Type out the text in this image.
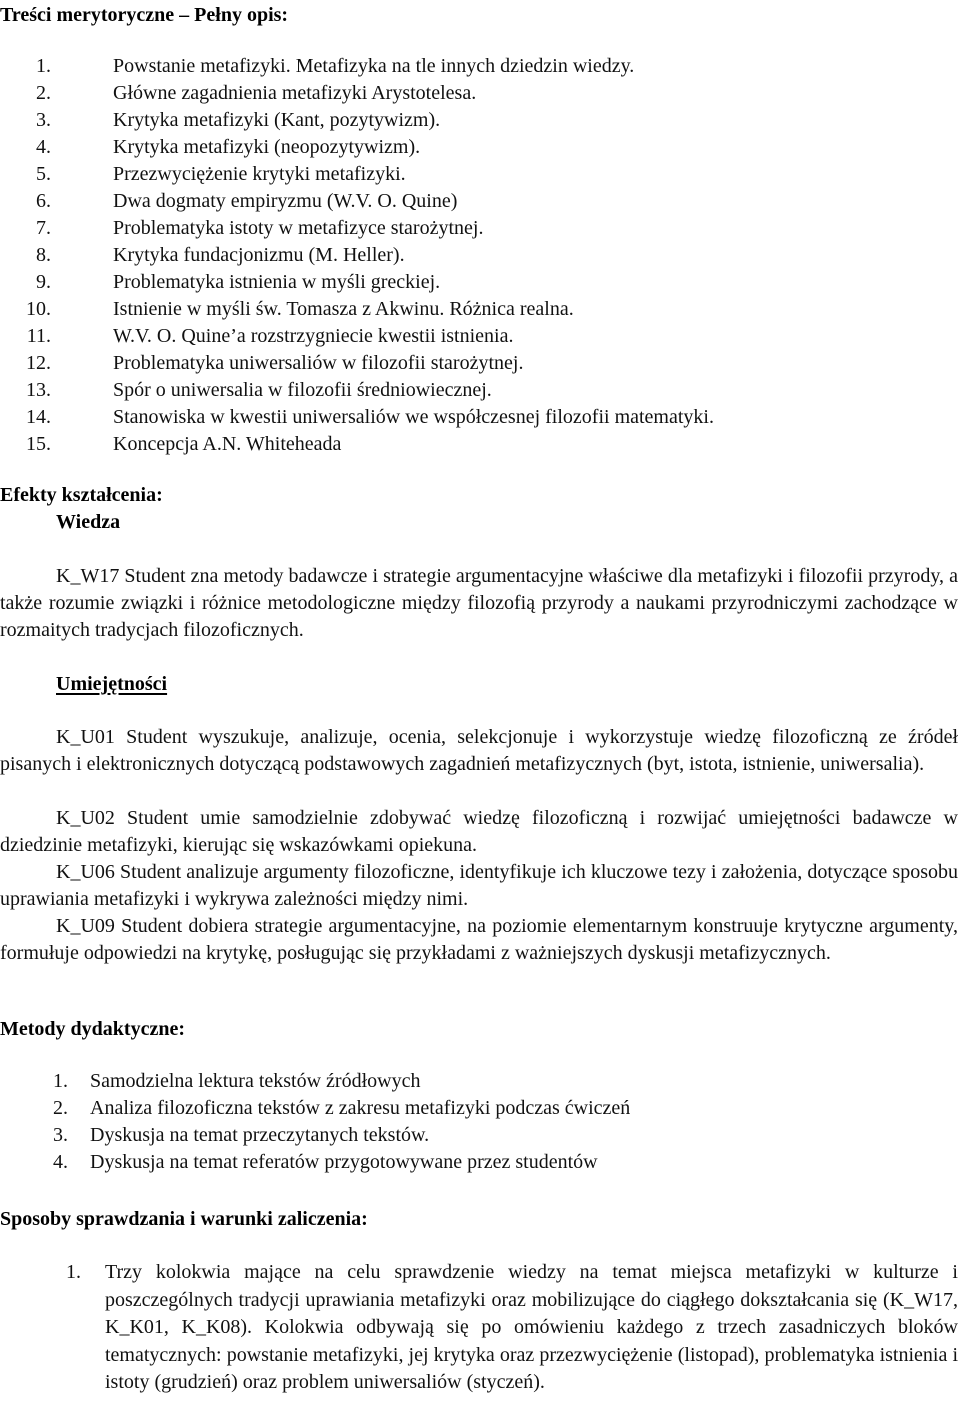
Treści merytoryczne – Pełny opis:
1.	Powstanie metafizyki. Metafizyka na tle innych dziedzin wiedzy.
2.	Główne zagadnienia metafizyki Arystotelesa.
3.	Krytyka metafizyki (Kant, pozytywizm).
4.	Krytyka metafizyki (neopozytywizm).
5.	Przezwyciężenie krytyki metafizyki.
6.	Dwa dogmaty empiryzmu (W.V. O. Quine)
7.	Problematyka istoty w metafizyce starożytnej.
8.	Krytyka fundacjonizmu (M. Heller).
9.	Problematyka istnienia w myśli greckiej.
10.	Istnienie w myśli św. Tomasza z Akwinu. Różnica realna.
11.	W.V. O. Quine’a rozstrzygniecie kwestii istnienia.
12.	Problematyka uniwersaliów w filozofii starożytnej.
13.	Spór o uniwersalia w filozofii średniowiecznej.
14.	Stanowiska w kwestii uniwersaliów we współczesnej filozofii matematyki.
15.	Koncepcja A.N. Whiteheada
Efekty kształcenia:
Wiedza

K_W17 Student zna metody badawcze i strategie argumentacyjne właściwe dla metafizyki i filozofii przyrody, a także rozumie związki i różnice metodologiczne między filozofią przyrody a naukami przyrodniczymi zachodzące w rozmaitych tradycjach filozoficznych.

Umiejętności

K_U01 Student wyszukuje, analizuje, ocenia, selekcjonuje i wykorzystuje wiedzę filozoficzną ze źródeł pisanych i elektronicznych dotyczącą podstawowych zagadnień metafizycznych (byt, istota, istnienie, uniwersalia).

K_U02 Student umie samodzielnie zdobywać wiedzę filozoficzną i rozwijać umiejętności badawcze w dziedzinie metafizyki, kierując się wskazówkami opiekuna.

K_U06 Student analizuje argumenty filozoficzne, identyfikuje ich kluczowe tezy i założenia, dotyczące sposobu uprawiania metafizyki i wykrywa zależności między nimi.

K_U09 Student dobiera strategie argumentacyjne, na poziomie elementarnym konstruuje krytyczne argumenty, formułuje odpowiedzi na krytykę, posługując się przykładami z ważniejszych dyskusji metafizycznych.

Metody dydaktyczne:
1. Samodzielna lektura tekstów źródłowych
2. Analiza filozoficzna tekstów z zakresu metafizyki podczas ćwiczeń
3. Dyskusja na temat przeczytanych tekstów.
4. Dyskusja na temat referatów przygotowywane przez studentów
Sposoby sprawdzania i warunki zaliczenia:
1. Trzy kolokwia mające na celu sprawdzenie wiedzy na temat miejsca metafizyki w kulturze i poszczególnych tradycji uprawiania metafizyki oraz mobilizujące do ciągłego dokształcania się (K_W17, K_K01, K_K08). Kolokwia odbywają się po omówieniu każdego z trzech zasadniczych bloków tematycznych: powstanie metafizyki, jej krytyka oraz przezwyciężenie (listopad), problematyka istnienia i istoty (grudzień) oraz problem uniwersaliów (styczeń).
